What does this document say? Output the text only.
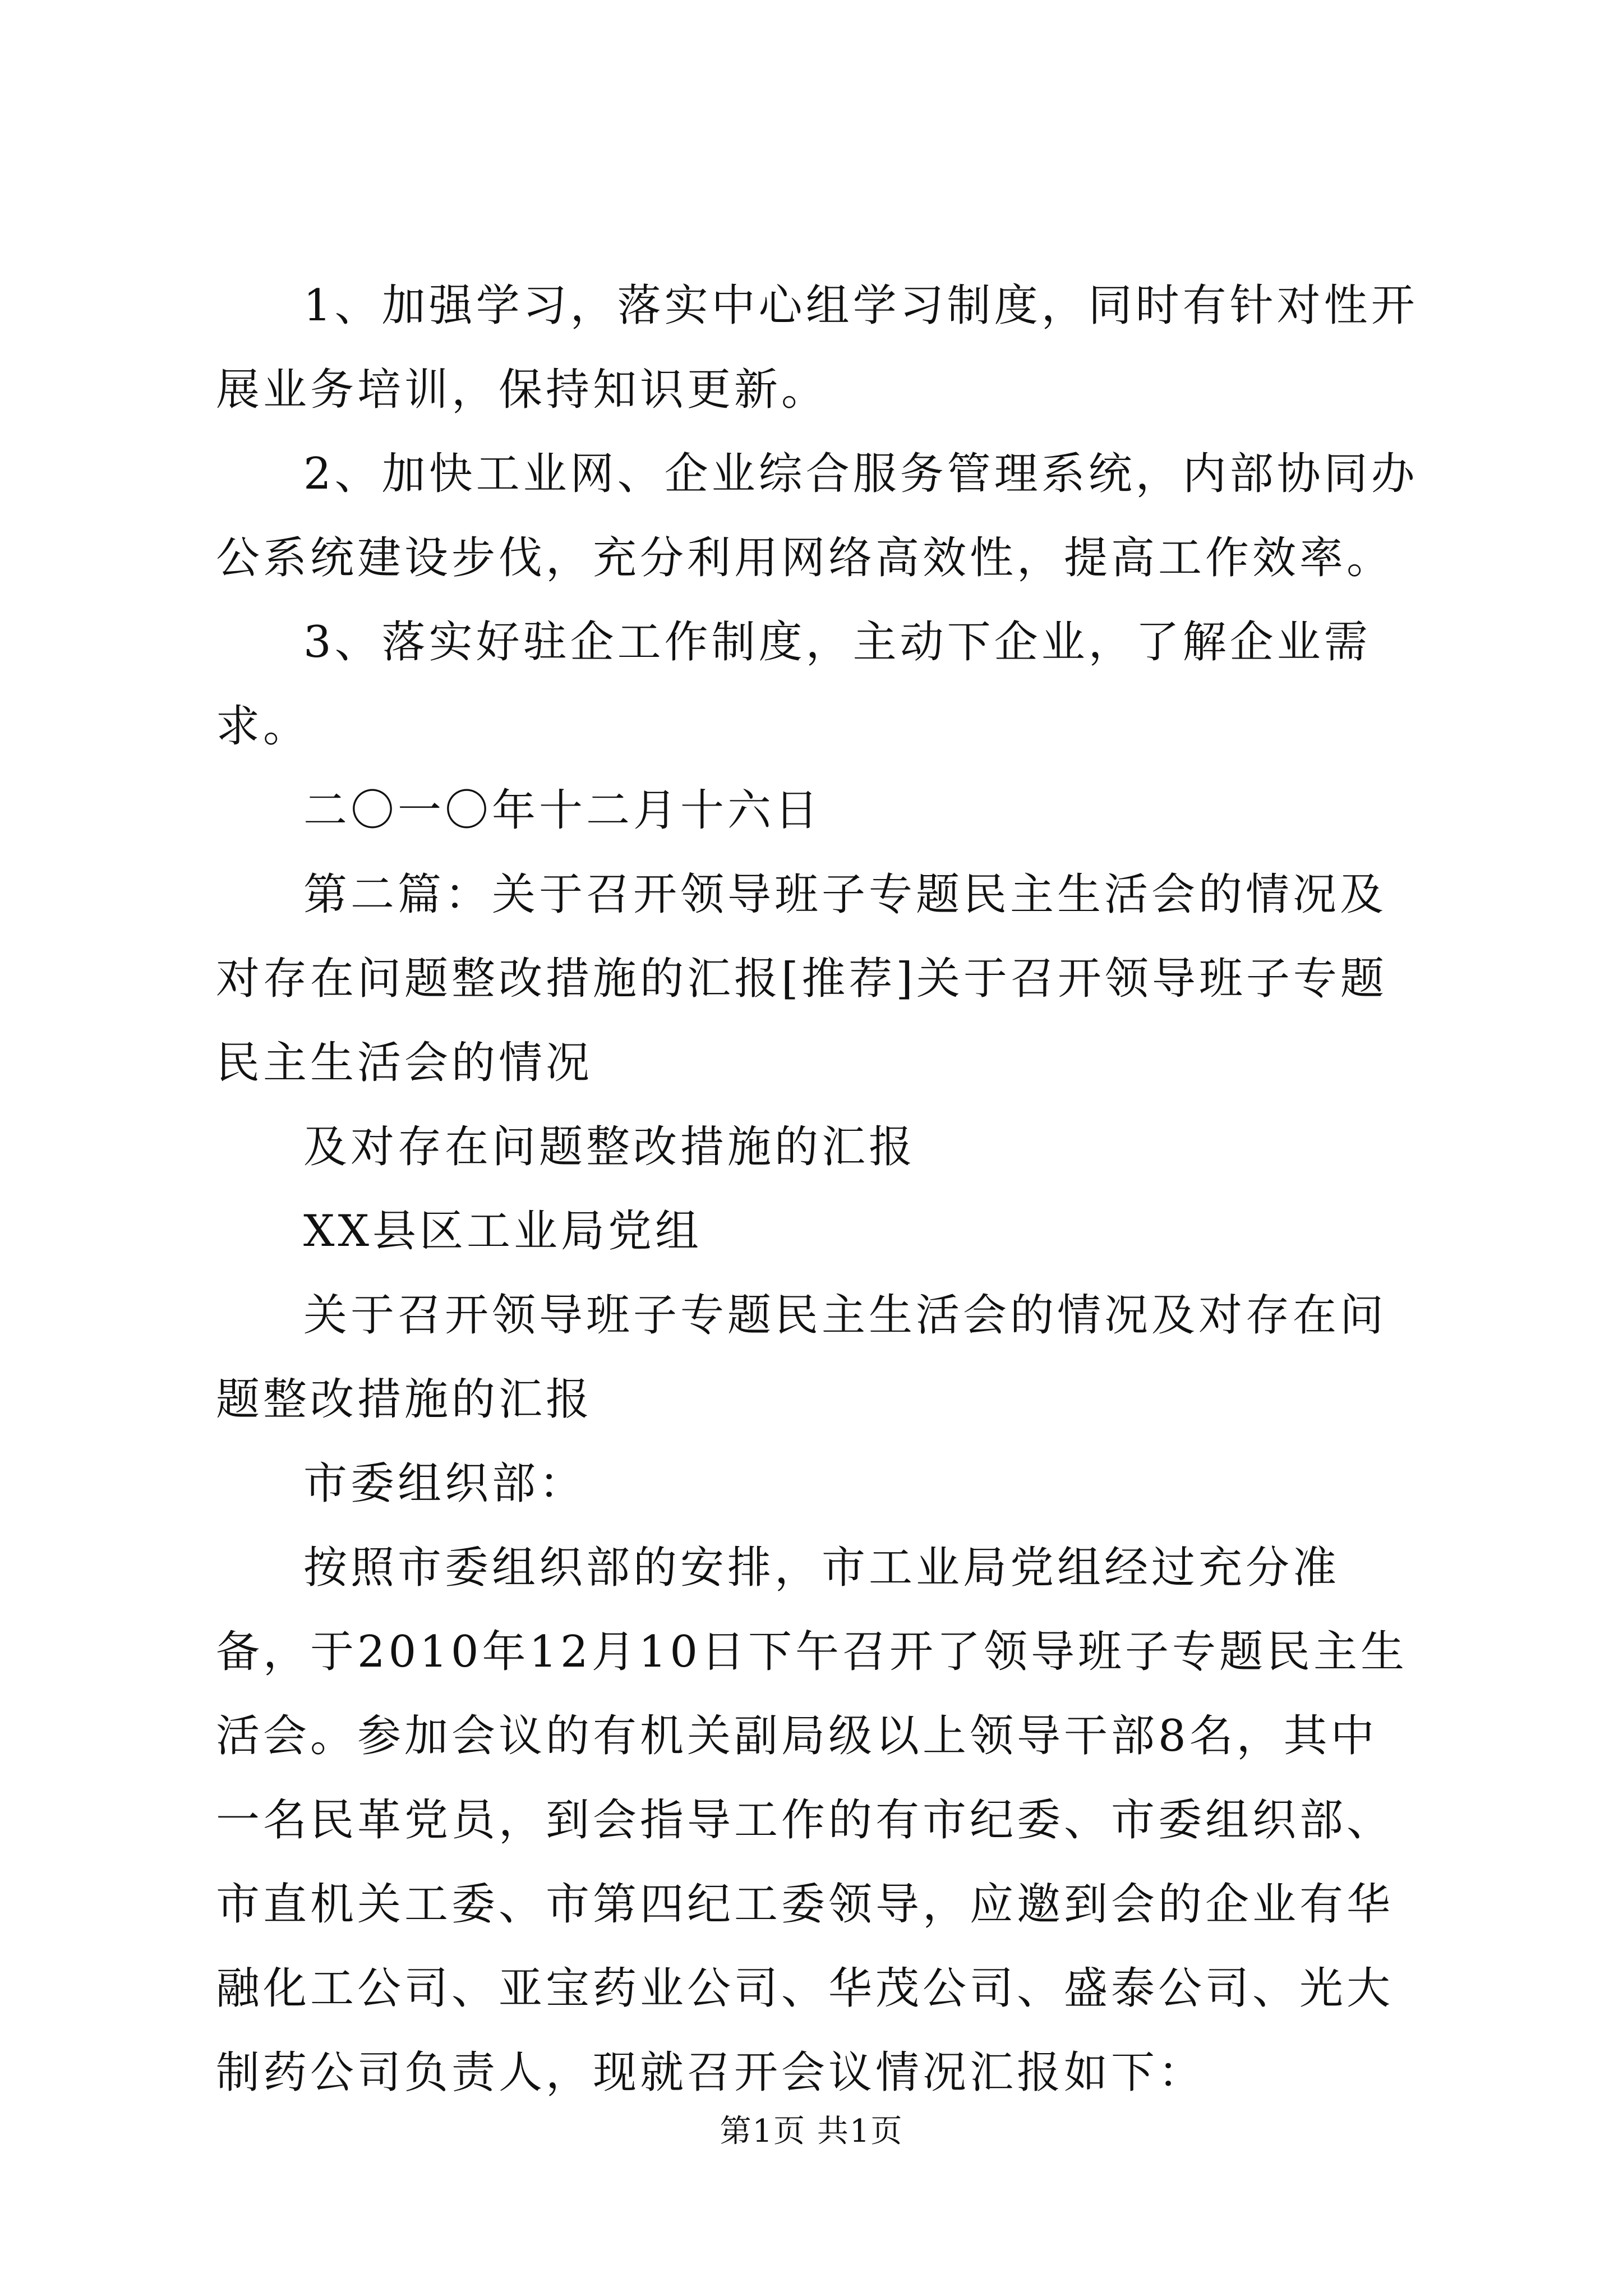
1、加强学习，落实中心组学习制度，同时有针对性开展业务培训，保持知识更新。

2、加快工业网、企业综合服务管理系统，内部协同办公系统建设步伐，充分利用网络高效性，提高工作效率。

3、落实好驻企工作制度，主动下企业，了解企业需求。

二〇一〇年十二月十六日

第二篇：关于召开领导班子专题民主生活会的情况及对存在问题整改措施的汇报[推荐]关于召开领导班子专题民主生活会的情况

及对存在问题整改措施的汇报

XX县区工业局党组

关于召开领导班子专题民主生活会的情况及对存在问题整改措施的汇报

市委组织部：

按照市委组织部的安排，市工业局党组经过充分准备，于2010年12月10日下午召开了领导班子专题民主生活会。参加会议的有机关副局级以上领导干部8名，其中一名民革党员，到会指导工作的有市纪委、市委组织部、市直机关工委、市第四纪工委领导，应邀到会的企业有华融化工公司、亚宝药业公司、华茂公司、盛泰公司、光大制药公司负责人，现就召开会议情况汇报如下：

第1页 共1页
